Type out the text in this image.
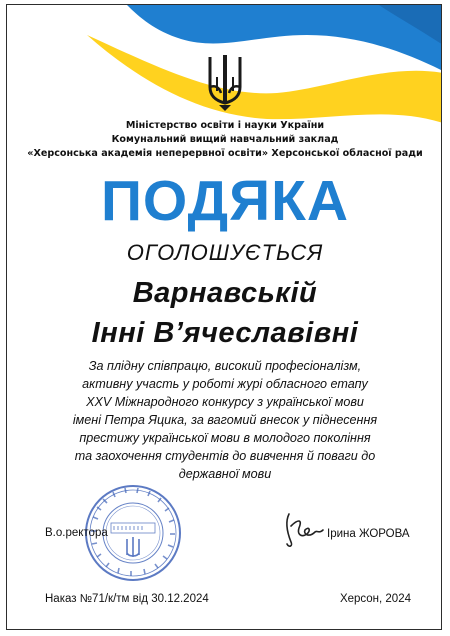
Міністерство освіти і науки України
Комунальний вищий навчальний заклад
«Херсонська академія неперервної освіти» Херсонської обласної ради
ПОДЯКА
ОГОЛОШУЄТЬСЯ
Варнавській
Інні В’ячеславівні
За плідну співпрацю, високий професіоналізм,
активну участь у роботі журі обласного етапу
XXV Міжнародного конкурсу з української мови
імені Петра Яцика, за вагомий внесок у піднесення
престижу української мови в молодого покоління
та заохочення студентів до вивчення й поваги до
державної мови
В.о.ректора	Ірина ЖОРОВА
Наказ №71/к/тм від 30.12.2024	Херсон, 2024
